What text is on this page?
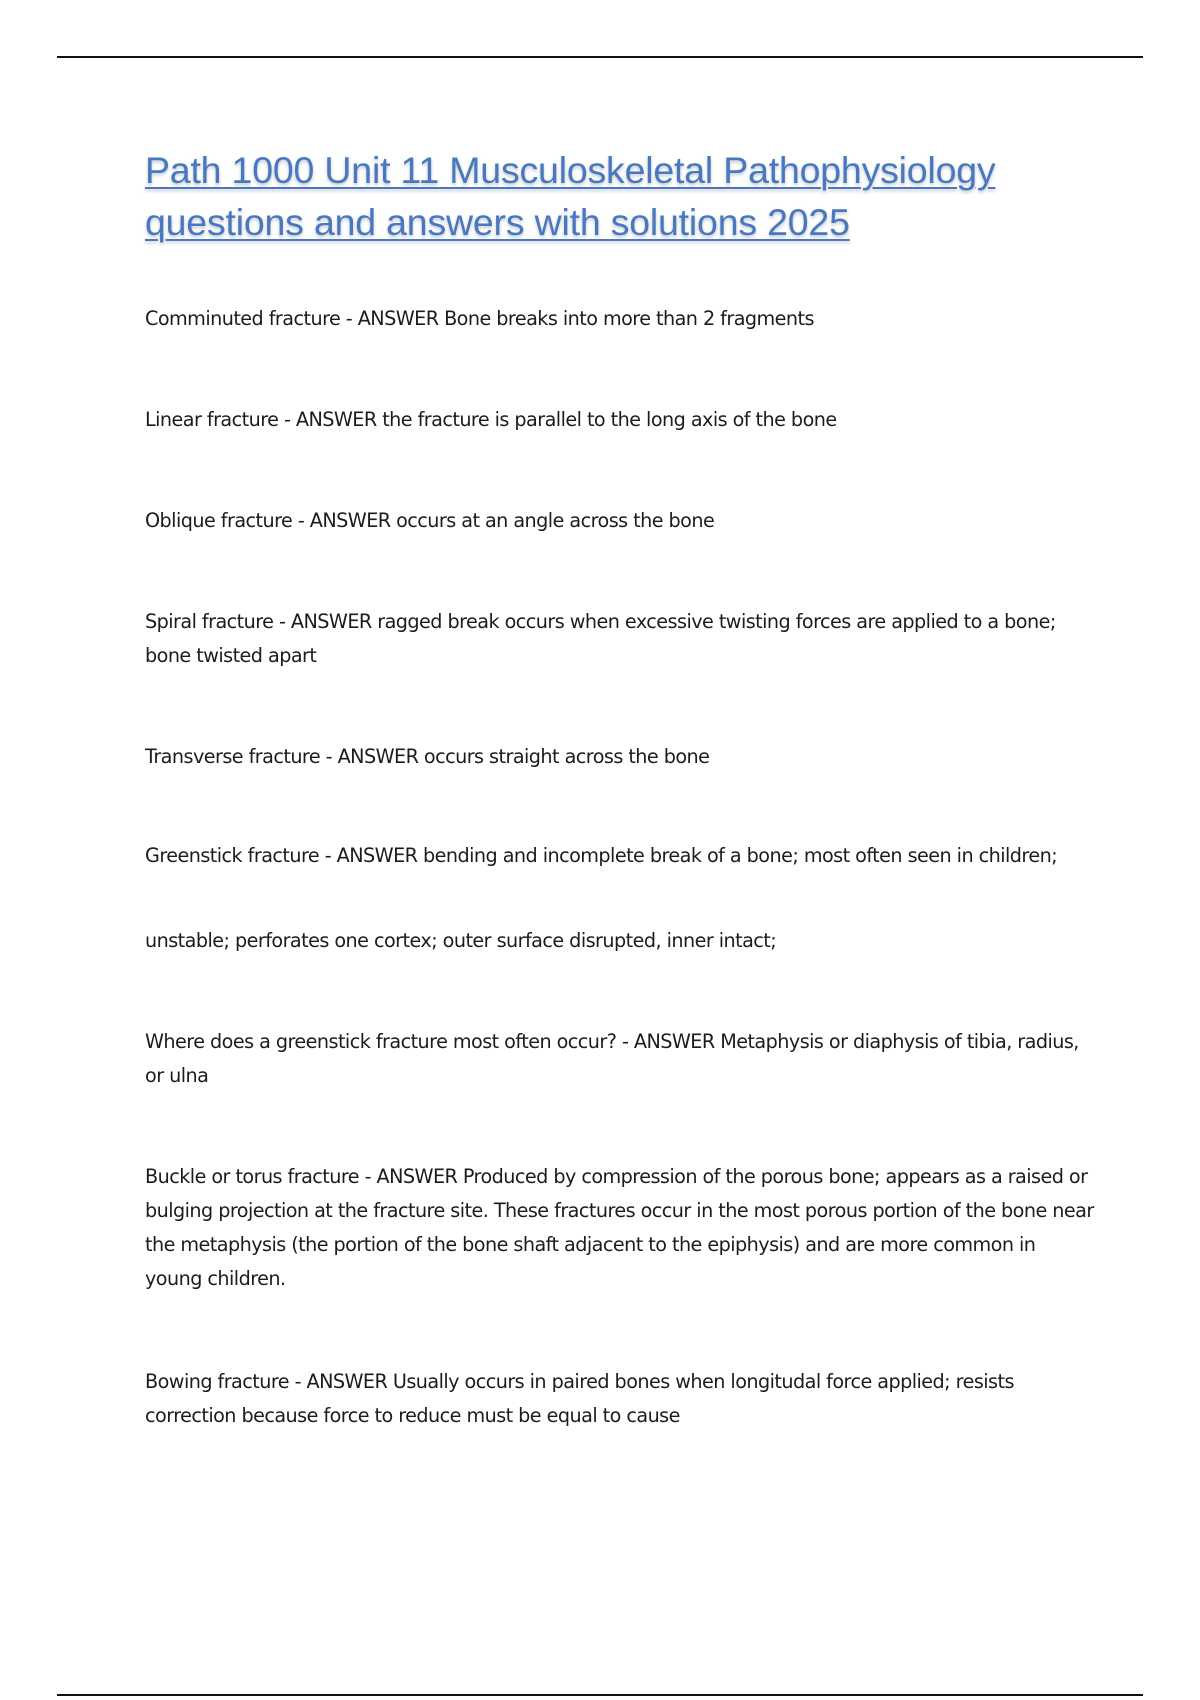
Path 1000 Unit 11 Musculoskeletal Pathophysiology questions and answers with solutions 2025

Comminuted fracture - ANSWER Bone breaks into more than 2 fragments

Linear fracture - ANSWER the fracture is parallel to the long axis of the bone

Oblique fracture - ANSWER occurs at an angle across the bone

Spiral fracture - ANSWER ragged break occurs when excessive twisting forces are applied to a bone; bone twisted apart

Transverse fracture - ANSWER occurs straight across the bone

Greenstick fracture - ANSWER bending and incomplete break of a bone; most often seen in children;

unstable; perforates one cortex; outer surface disrupted, inner intact;

Where does a greenstick fracture most often occur? - ANSWER Metaphysis or diaphysis of tibia, radius, or ulna

Buckle or torus fracture - ANSWER Produced by compression of the porous bone; appears as a raised or bulging projection at the fracture site. These fractures occur in the most porous portion of the bone near the metaphysis (the portion of the bone shaft adjacent to the epiphysis) and are more common in young children.

Bowing fracture - ANSWER Usually occurs in paired bones when longitudal force applied; resists correction because force to reduce must be equal to cause
